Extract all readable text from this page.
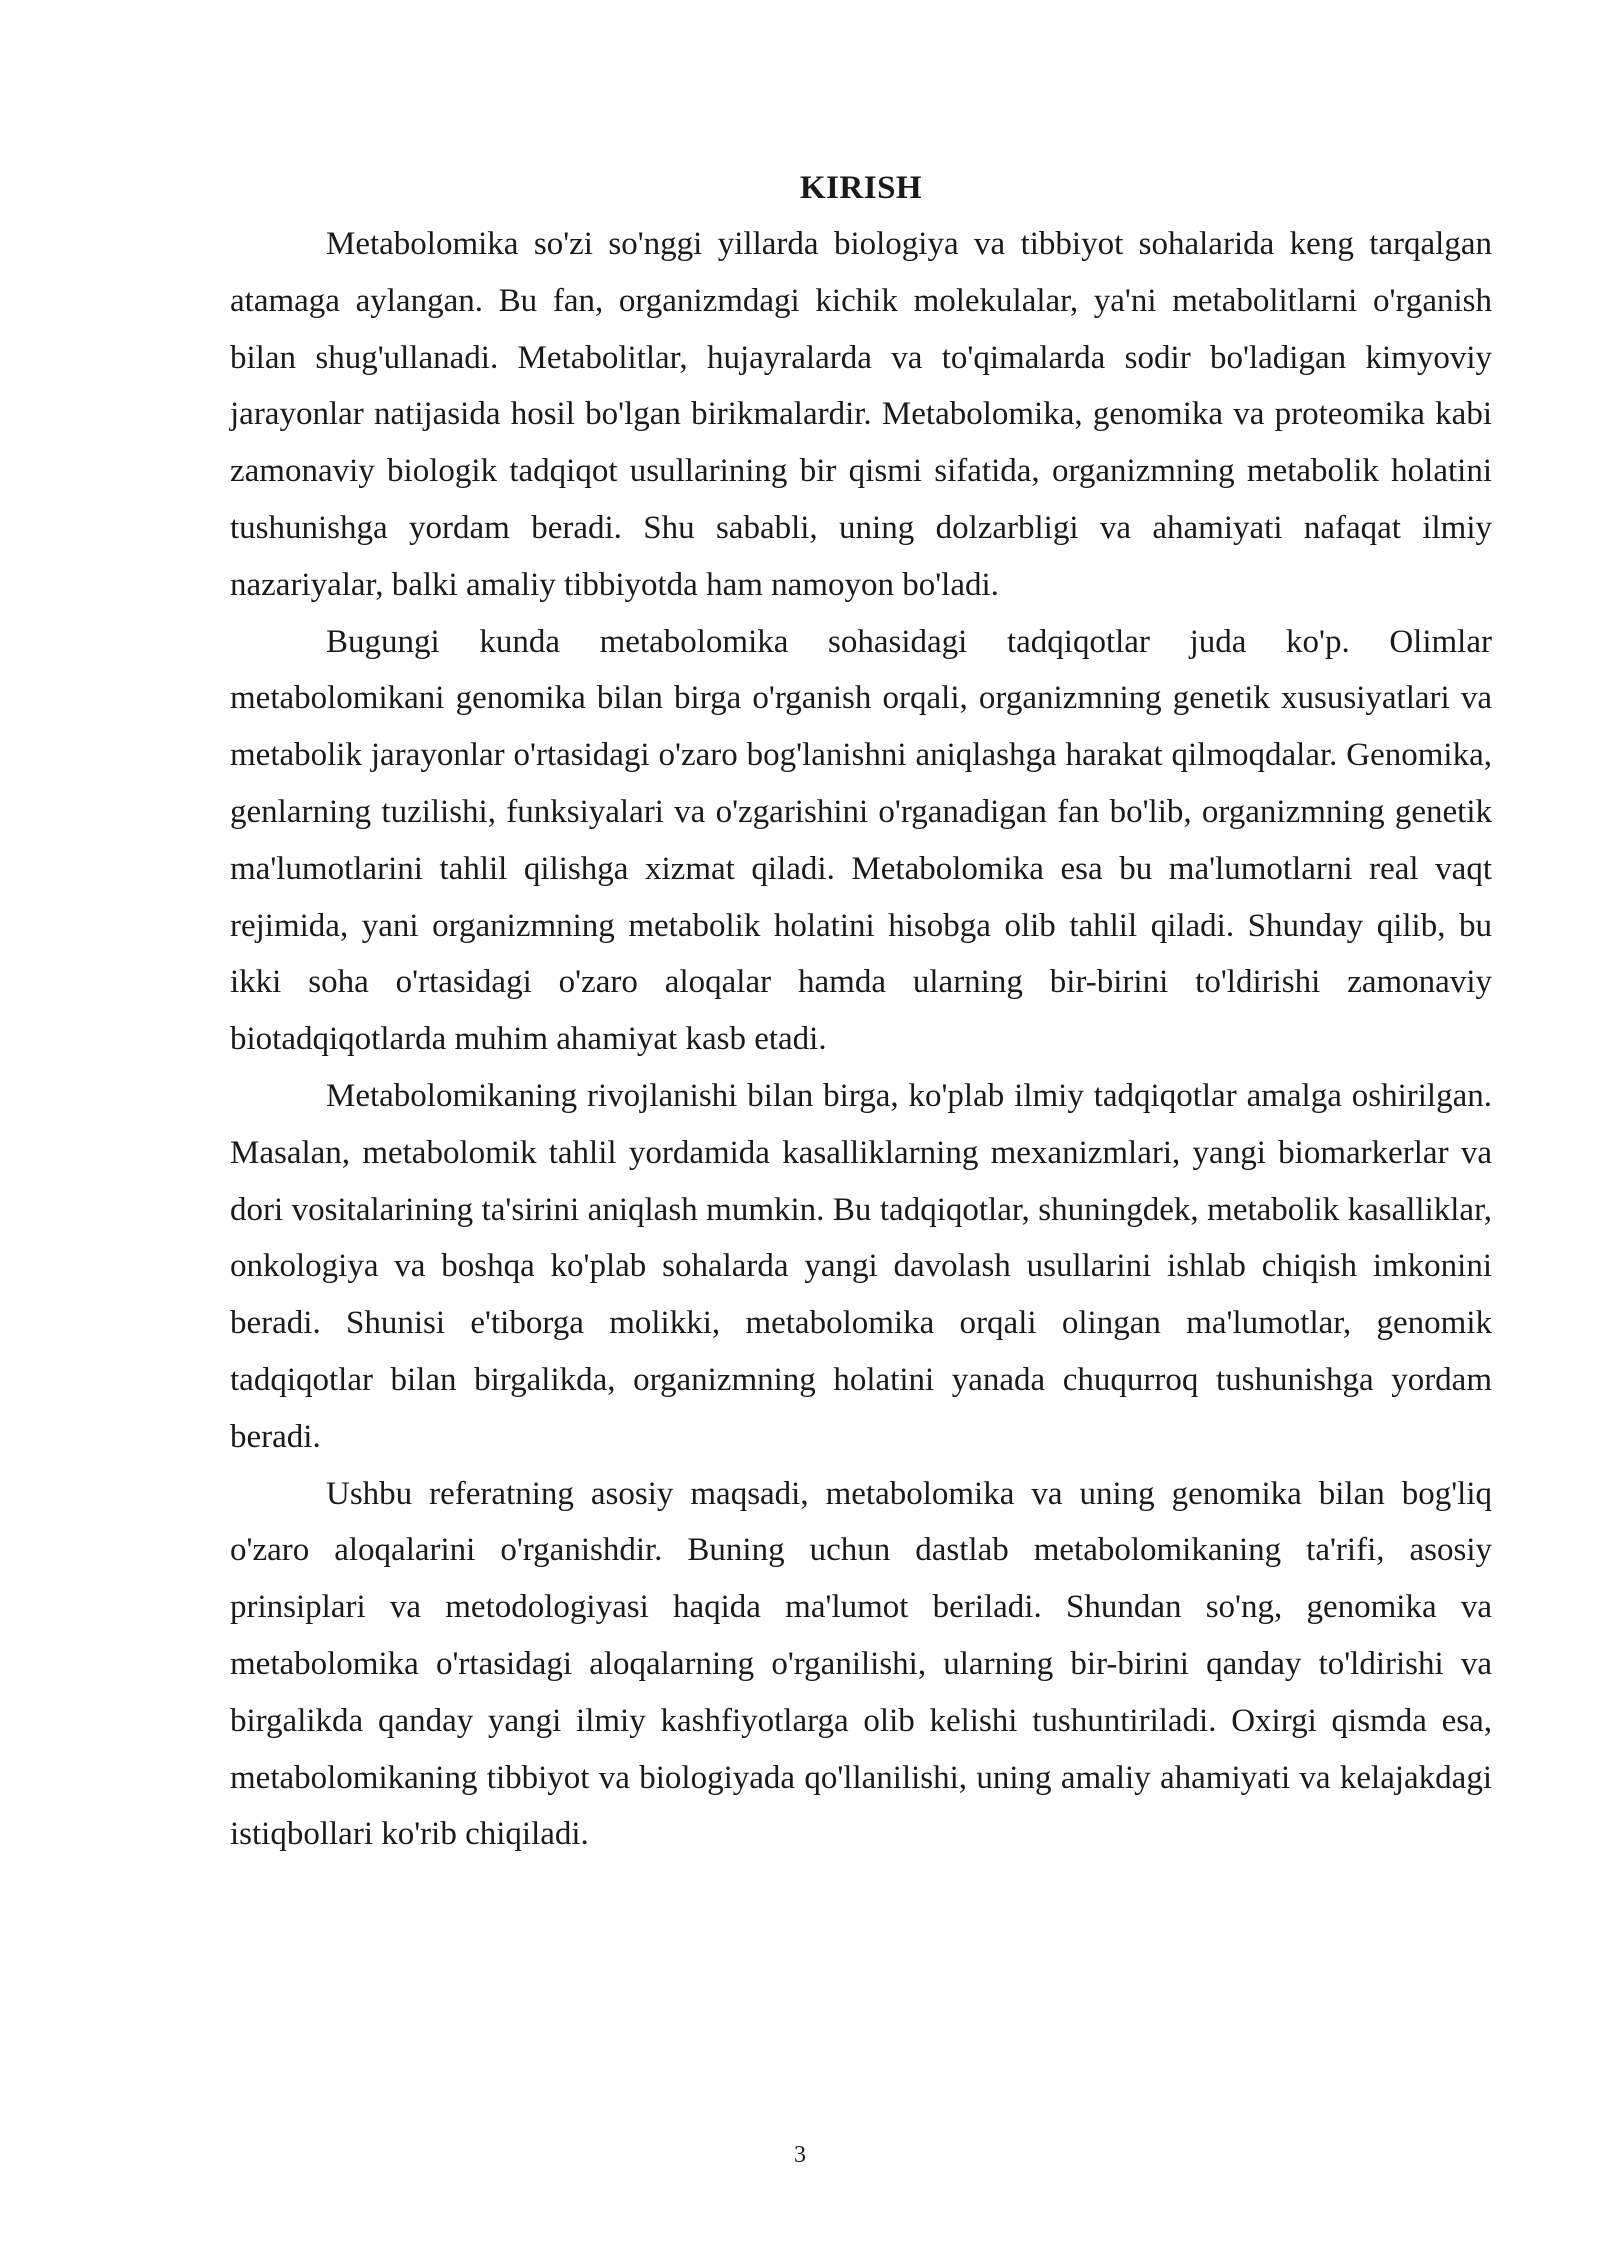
KIRISH

Metabolomika so'zi so'nggi yillarda biologiya va tibbiyot sohalarida keng tarqalgan atamaga aylangan. Bu fan, organizmdagi kichik molekulalar, ya'ni metabolitlarni o'rganish bilan shug'ullanadi. Metabolitlar, hujayralarda va to'qimalarda sodir bo'ladigan kimyoviy jarayonlar natijasida hosil bo'lgan birikmalardir. Metabolomika, genomika va proteomika kabi zamonaviy biologik tadqiqot usullarining bir qismi sifatida, organizmning metabolik holatini tushunishga yordam beradi. Shu sababli, uning dolzarbligi va ahamiyati nafaqat ilmiy nazariyalar, balki amaliy tibbiyotda ham namoyon bo'ladi.

Bugungi kunda metabolomika sohasidagi tadqiqotlar juda ko'p. Olimlar metabolomikani genomika bilan birga o'rganish orqali, organizmning genetik xususiyatlari va metabolik jarayonlar o'rtasidagi o'zaro bog'lanishni aniqlashga harakat qilmoqdalar. Genomika, genlarning tuzilishi, funksiyalari va o'zgarishini o'rganadigan fan bo'lib, organizmning genetik ma'lumotlarini tahlil qilishga xizmat qiladi. Metabolomika esa bu ma'lumotlarni real vaqt rejimida, yani organizmning metabolik holatini hisobga olib tahlil qiladi. Shunday qilib, bu ikki soha o'rtasidagi o'zaro aloqalar hamda ularning bir-birini to'ldirishi zamonaviy biotadqiqotlarda muhim ahamiyat kasb etadi.

Metabolomikaning rivojlanishi bilan birga, ko'plab ilmiy tadqiqotlar amalga oshirilgan. Masalan, metabolomik tahlil yordamida kasalliklarning mexanizmlari, yangi biomarkerlar va dori vositalarining ta'sirini aniqlash mumkin. Bu tadqiqotlar, shuningdek, metabolik kasalliklar, onkologiya va boshqa ko'plab sohalarda yangi davolash usullarini ishlab chiqish imkonini beradi. Shunisi e'tiborga molikki, metabolomika orqali olingan ma'lumotlar, genomik tadqiqotlar bilan birgalikda, organizmning holatini yanada chuqurroq tushunishga yordam beradi.

Ushbu referatning asosiy maqsadi, metabolomika va uning genomika bilan bog'liq o'zaro aloqalarini o'rganishdir. Buning uchun dastlab metabolomikaning ta'rifi, asosiy prinsiplari va metodologiyasi haqida ma'lumot beriladi. Shundan so'ng, genomika va metabolomika o'rtasidagi aloqalarning o'rganilishi, ularning bir-birini qanday to'ldirishi va birgalikda qanday yangi ilmiy kashfiyotlarga olib kelishi tushuntiriladi. Oxirgi qismda esa, metabolomikaning tibbiyot va biologiyada qo'llanilishi, uning amaliy ahamiyati va kelajakdagi istiqbollari ko'rib chiqiladi.

3
